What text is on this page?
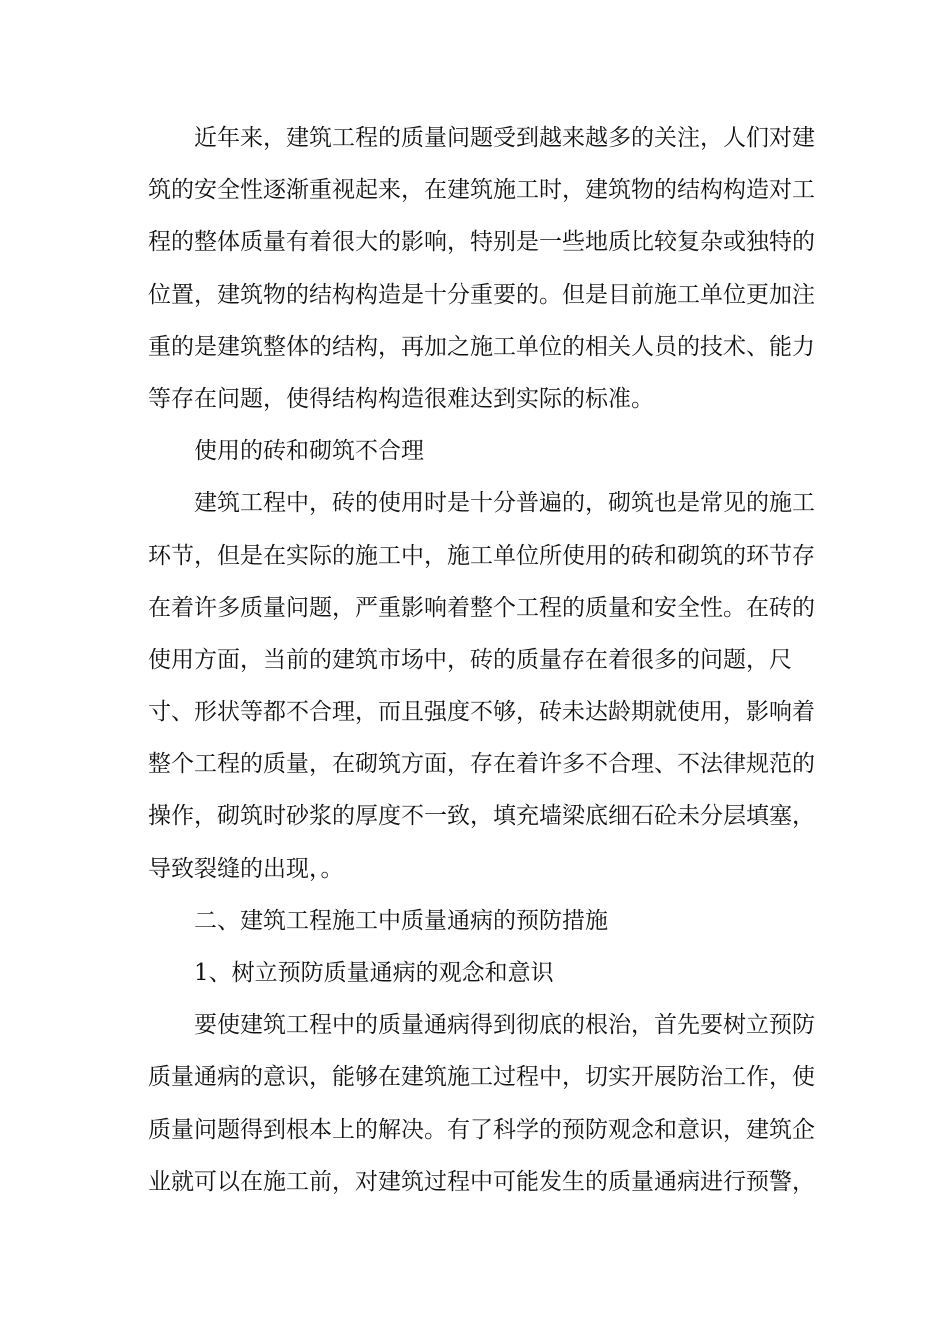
近年来，建筑工程的质量问题受到越来越多的关注，人们对建
筑的安全性逐渐重视起来，在建筑施工时，建筑物的结构构造对工
程的整体质量有着很大的影响，特别是一些地质比较复杂或独特的
位置，建筑物的结构构造是十分重要的。但是目前施工单位更加注
重的是建筑整体的结构，再加之施工单位的相关人员的技术、能力
等存在问题，使得结构构造很难达到实际的标准。
使用的砖和砌筑不合理
建筑工程中，砖的使用时是十分普遍的，砌筑也是常见的施工
环节，但是在实际的施工中，施工单位所使用的砖和砌筑的环节存
在着许多质量问题，严重影响着整个工程的质量和安全性。在砖的
使用方面，当前的建筑市场中，砖的质量存在着很多的问题，尺
寸、形状等都不合理，而且强度不够，砖未达龄期就使用，影响着
整个工程的质量，在砌筑方面，存在着许多不合理、不法律规范的
操作，砌筑时砂浆的厚度不一致，填充墙梁底细石砼未分层填塞，
导致裂缝的出现，。
二、建筑工程施工中质量通病的预防措施
1、树立预防质量通病的观念和意识
要使建筑工程中的质量通病得到彻底的根治，首先要树立预防
质量通病的意识，能够在建筑施工过程中，切实开展防治工作，使
质量问题得到根本上的解决。有了科学的预防观念和意识，建筑企
业就可以在施工前，对建筑过程中可能发生的质量通病进行预警，
